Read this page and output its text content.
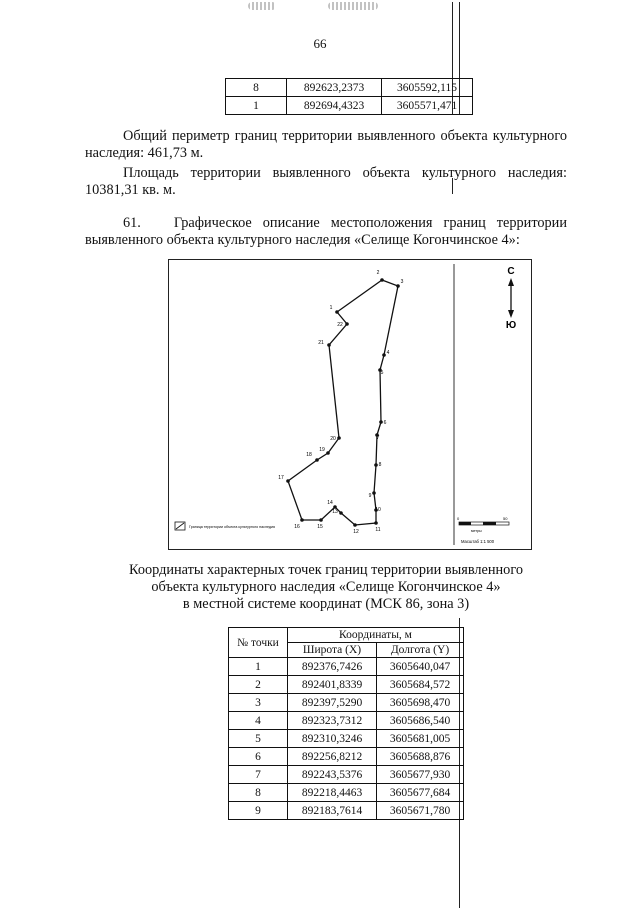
66
8	892623,2373	3605592,115
1	892694,4323	3605571,471
Общий периметр границ территории выявленного объекта культурного наследия: 461,73 м.
Площадь территории выявленного объекта культурного наследия: 10381,31 кв. м.
61. Графическое описание местоположения границ территории выявленного объекта культурного наследия «Селище Когончинское 4»:
1
2
3
4
5
6
7
8
9
10
11
12
13
14
15
16
17
18
19
20
21
22
С
Ю
Граница территории объекта культурного наследия
0	50
метры
Масштаб 1:1 500
Координаты характерных точек границ территории выявленного
объекта культурного наследия «Селище Когончинское 4»
в местной системе координат (МСК 86, зона 3)
№ точки	Координаты, м	
	Широта (X)	Долгота (Y)
1	892376,7426	3605640,047
2	892401,8339	3605684,572
3	892397,5290	3605698,470
4	892323,7312	3605686,540
5	892310,3246	3605681,005
6	892256,8212	3605688,876
7	892243,5376	3605677,930
8	892218,4463	3605677,684
9	892183,7614	3605671,780
